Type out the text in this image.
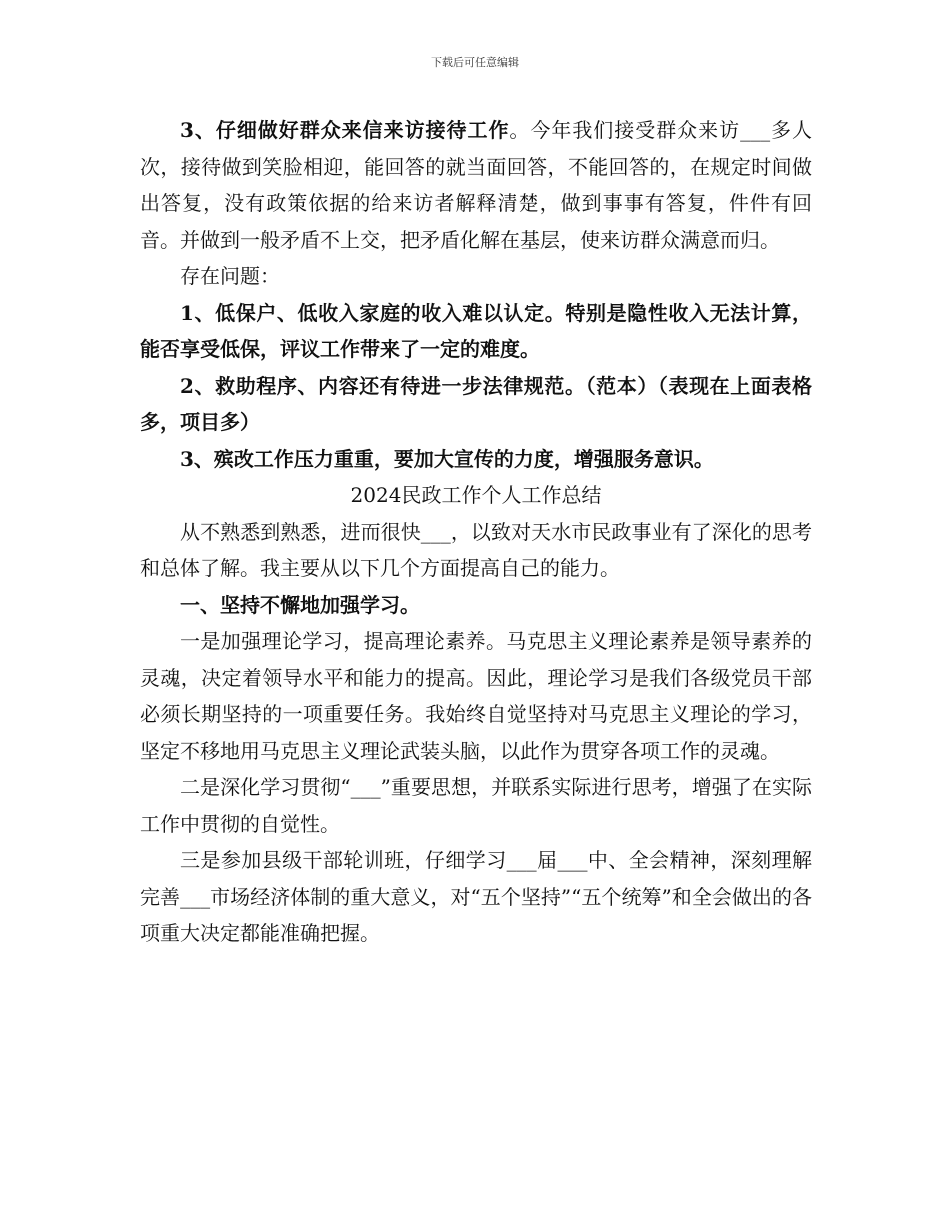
下载后可任意编辑

3、仔细做好群众来信来访接待工作。今年我们接受群众来访___多人次，接待做到笑脸相迎，能回答的就当面回答，不能回答的，在规定时间做出答复，没有政策依据的给来访者解释清楚，做到事事有答复，件件有回音。并做到一般矛盾不上交，把矛盾化解在基层，使来访群众满意而归。

存在问题：

1、低保户、低收入家庭的收入难以认定。特别是隐性收入无法计算，能否享受低保，评议工作带来了一定的难度。

2、救助程序、内容还有待进一步法律规范。（范本）（表现在上面表格多，项目多）

3、殡改工作压力重重，要加大宣传的力度，增强服务意识。

2024民政工作个人工作总结

从不熟悉到熟悉，进而很快___，以致对天水市民政事业有了深化的思考和总体了解。我主要从以下几个方面提高自己的能力。

一、坚持不懈地加强学习。

一是加强理论学习，提高理论素养。马克思主义理论素养是领导素养的灵魂，决定着领导水平和能力的提高。因此，理论学习是我们各级党员干部必须长期坚持的一项重要任务。我始终自觉坚持对马克思主义理论的学习，坚定不移地用马克思主义理论武装头脑，以此作为贯穿各项工作的灵魂。

二是深化学习贯彻“___”重要思想，并联系实际进行思考，增强了在实际工作中贯彻的自觉性。

三是参加县级干部轮训班，仔细学习___届___中、全会精神，深刻理解完善___市场经济体制的重大意义，对“五个坚持”“五个统筹”和全会做出的各项重大决定都能准确把握。
